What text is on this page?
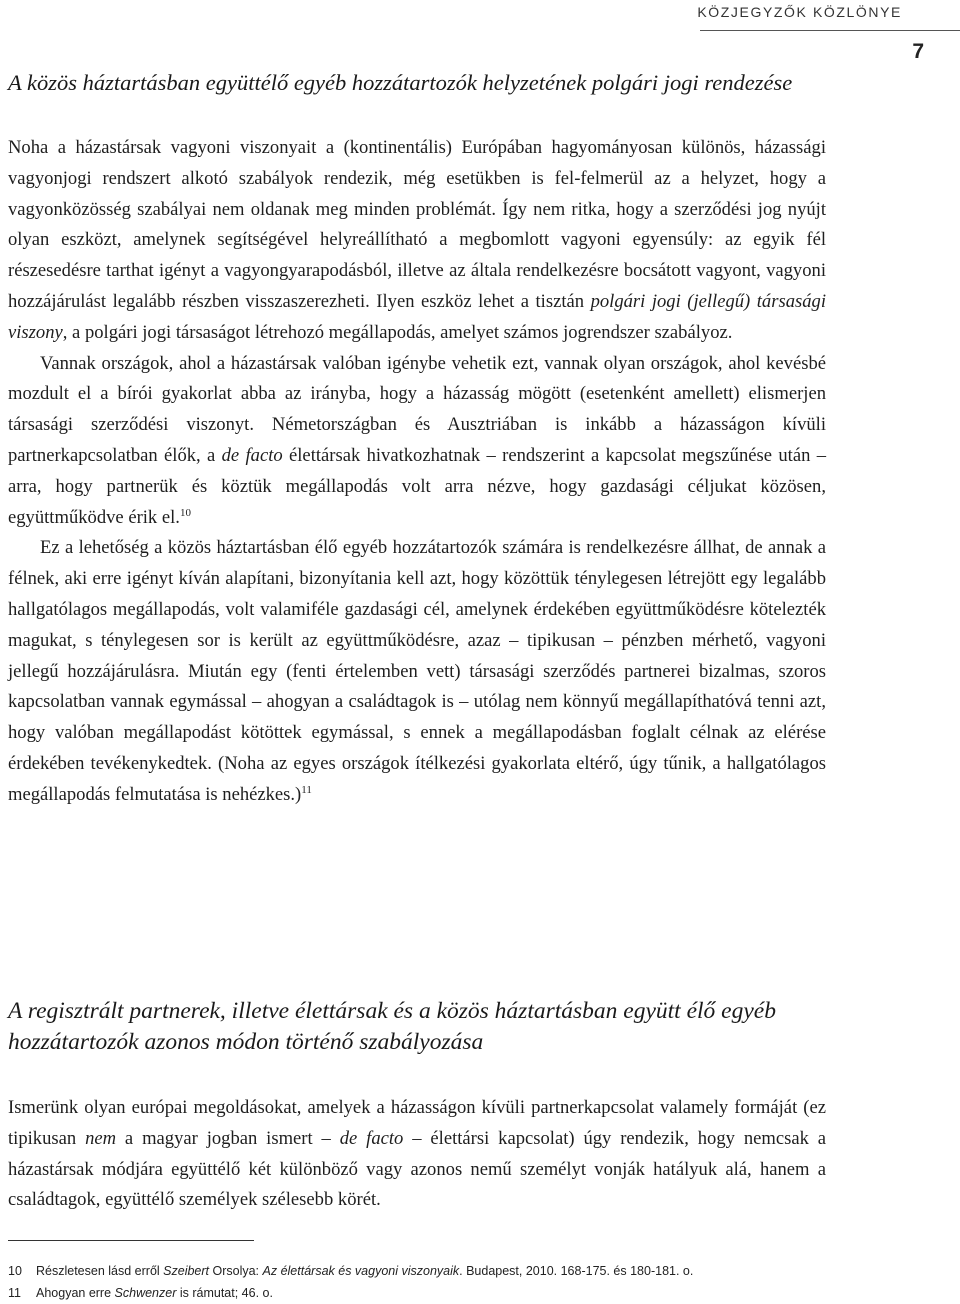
KÖZJEGYZŐK KÖZLÖNYE
7
A közös háztartásban együttélő egyéb hozzátartozók helyzetének polgári jogi rendezése

Noha a házastársak vagyoni viszonyait a (kontinentális) Európában hagyományosan különös, házassági vagyonjogi rendszert alkotó szabályok rendezik, még esetükben is fel-felmerül az a helyzet, hogy a vagyonközösség szabályai nem oldanak meg minden problémát. Így nem ritka, hogy a szerződési jog nyújt olyan eszközt, amelynek segítségével helyreállítható a megbomlott vagyoni egyensúly: az egyik fél részesedésre tarthat igényt a vagyongyarapodásból, illetve az általa rendelkezésre bocsátott vagyont, vagyoni hozzájárulást legalább részben visszaszerezheti. Ilyen eszköz lehet a tisztán polgári jogi (jellegű) társasági viszony, a polgári jogi társaságot létrehozó megállapodás, amelyet számos jogrendszer szabályoz.

Vannak országok, ahol a házastársak valóban igénybe vehetik ezt, vannak olyan országok, ahol kevésbé mozdult el a bírói gyakorlat abba az irányba, hogy a házasság mögött (esetenként amellett) elismerjen társasági szerződési viszonyt. Németországban és Ausztriában is inkább a házasságon kívüli partnerkapcsolatban élők, a de facto élettársak hivatkozhatnak – rendszerint a kapcsolat megszűnése után – arra, hogy partnerük és köztük megállapodás volt arra nézve, hogy gazdasági céljukat közösen, együttműködve érik el.$^{10}$

Ez a lehetőség a közös háztartásban élő egyéb hozzátartozók számára is rendelkezésre állhat, de annak a félnek, aki erre igényt kíván alapítani, bizonyítania kell azt, hogy közöttük ténylegesen létrejött egy legalább hallgatólagos megállapodás, volt valamiféle gazdasági cél, amelynek érdekében együttműködésre kötelezték magukat, s ténylegesen sor is került az együttműködésre, azaz – tipikusan – pénzben mérhető, vagyoni jellegű hozzájárulásra. Miután egy (fenti értelemben vett) társasági szerződés partnerei bizalmas, szoros kapcsolatban vannak egymással – ahogyan a családtagok is – utólag nem könnyű megállapíthatóvá tenni azt, hogy valóban megállapodást kötöttek egymással, s ennek a megállapodásban foglalt célnak az elérése érdekében tevékenykedtek. (Noha az egyes országok ítélkezési gyakorlata eltérő, úgy tűnik, a hallgatólagos megállapodás felmutatása is nehézkes.)$^{11}$

A regisztrált partnerek, illetve élettársak és a közös háztartásban együtt élő egyéb hozzátartozók azonos módon történő szabályozása

Ismerünk olyan európai megoldásokat, amelyek a házasságon kívüli partnerkapcsolat valamely formáját (ez tipikusan nem a magyar jogban ismert – de facto – élettársi kapcsolat) úgy rendezik, hogy nemcsak a házastársak módjára együttélő két különböző vagy azonos nemű személyt vonják hatályuk alá, hanem a családtagok, együttélő személyek szélesebb körét.

10 Részletesen lásd erről Szeibert Orsolya: Az élettársak és vagyoni viszonyaik. Budapest, 2010. 168-175. és 180-181. o.
11 Ahogyan erre Schwenzer is rámutat; 46. o.
